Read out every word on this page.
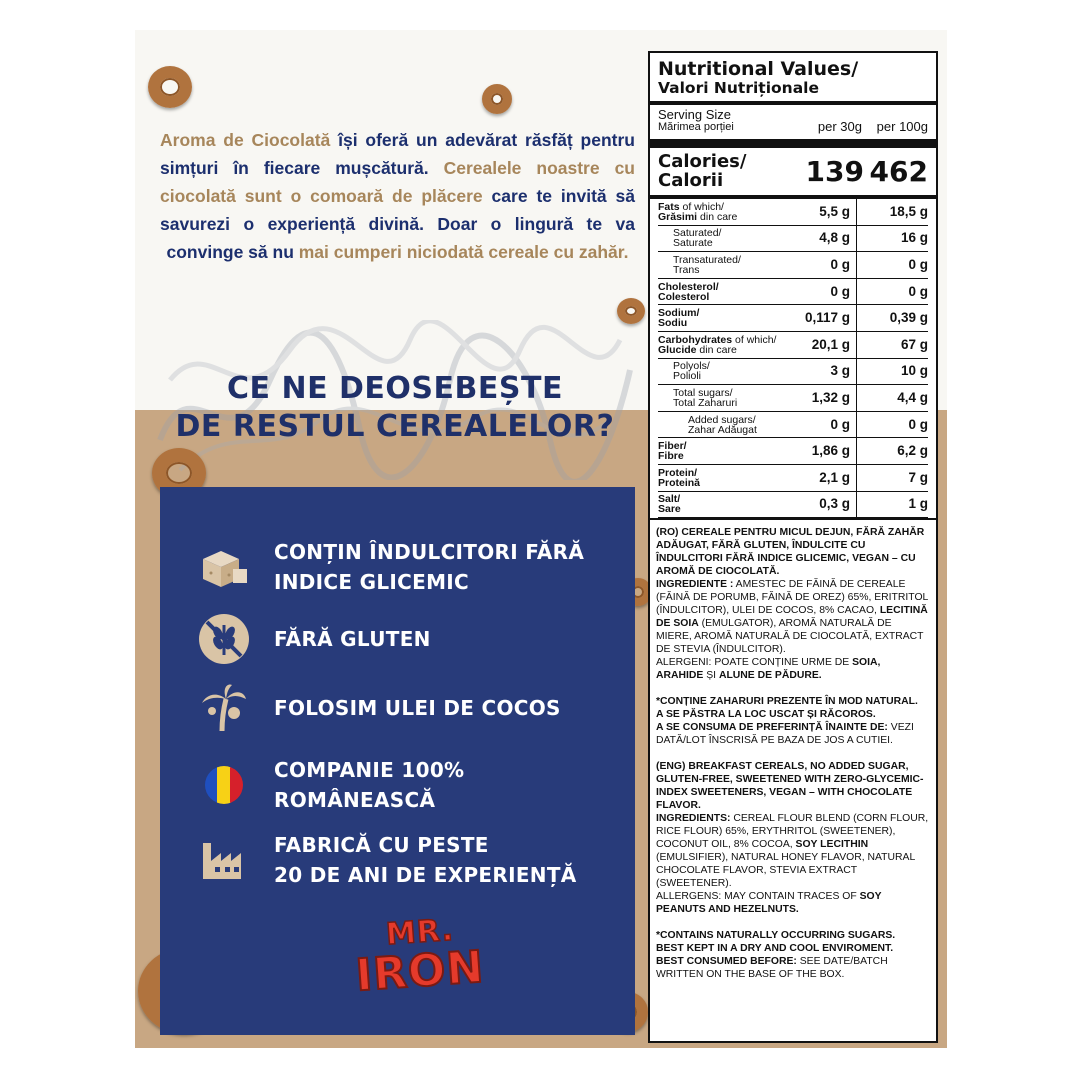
Aroma de Ciocolată își oferă un adevărat răsfăț pentru simțuri în fiecare mușcătură. Cerealele noastre cu ciocolată sunt o comoară de plăcere care te invită să savurezi o experiență divină. Doar o lingură te va convinge să nu mai cumperi niciodată cereale cu zahăr.
CE NE DEOSEBEȘTE
DE RESTUL CEREALELOR?
CONȚIN ÎNDULCITORI FĂRĂ
INDICE GLICEMIC
FĂRĂ GLUTEN
FOLOSIM ULEI DE COCOS
COMPANIE 100%
ROMÂNEASCĂ
FABRICĂ CU PESTE
20 DE ANI DE EXPERIENȚĂ
MR.
IRON
Nutritional Values/
Valori Nutriționale
Serving Size
Mărimea porției	per 30g	per 100g
Calories/
Calorii	139 462
Fats of which/
Grăsimi din care	5,5 g	18,5 g
Saturated/
Saturate	4,8 g	16 g
Transaturated/
Trans	0 g	0 g
Cholesterol/
Colesterol	0 g	0 g
Sodium/
Sodiu	0,117 g	0,39 g
Carbohydrates of which/
Glucide din care	20,1 g	67 g
Polyols/
Polioli	3 g	10 g
Total sugars/
Total Zaharuri	1,32 g	4,4 g
Added sugars/
Zahar Adăugat	0 g	0 g
Fiber/
Fibre	1,86 g	6,2 g
Protein/
Proteină	2,1 g	7 g
Salt/
Sare	0,3 g	1 g

(RO) CEREALE PENTRU MICUL DEJUN, FĂRĂ ZAHĂR ADĂUGAT, FĂRĂ GLUTEN, ÎNDULCITE CU ÎNDULCITORI FĂRĂ INDICE GLICEMIC, VEGAN – CU AROMĂ DE CIOCOLATĂ.

INGREDIENTE : AMESTEC DE FĂINĂ DE CEREALE (FĂINĂ DE PORUMB, FĂINĂ DE OREZ) 65%, ERITRITOL (ÎNDULCITOR), ULEI DE COCOS, 8% CACAO, LECITINĂ DE SOIA (EMULGATOR), AROMĂ NATURALĂ DE MIERE, AROMĂ NATURALĂ DE CIOCOLATĂ, EXTRACT DE STEVIA (ÎNDULCITOR).

ALERGENI: POATE CONȚINE URME DE SOIA, ARAHIDE ȘI ALUNE DE PĂDURE.

*CONȚINE ZAHARURI PREZENTE ÎN MOD NATURAL.

A SE PĂSTRA LA LOC USCAT ȘI RĂCOROS.

A SE CONSUMA DE PREFERINȚĂ ÎNAINTE DE: VEZI DATĂ/LOT ÎNSCRISĂ PE BAZA DE JOS A CUTIEI.

(ENG) BREAKFAST CEREALS, NO ADDED SUGAR, GLUTEN-FREE, SWEETENED WITH ZERO-GLYCEMIC-INDEX SWEETENERS, VEGAN – WITH CHOCOLATE FLAVOR.

INGREDIENTS: CEREAL FLOUR BLEND (CORN FLOUR, RICE FLOUR) 65%, ERYTHRITOL (SWEETENER), COCONUT OIL, 8% COCOA, SOY LECITHIN (EMULSIFIER), NATURAL HONEY FLAVOR, NATURAL CHOCOLATE FLAVOR, STEVIA EXTRACT (SWEETENER).

ALLERGENS: MAY CONTAIN TRACES OF SOY PEANUTS AND HEZELNUTS.

*CONTAINS NATURALLY OCCURRING SUGARS.

BEST KEPT IN A DRY AND COOL ENVIROMENT.

BEST CONSUMED BEFORE: SEE DATE/BATCH WRITTEN ON THE BASE OF THE BOX.
